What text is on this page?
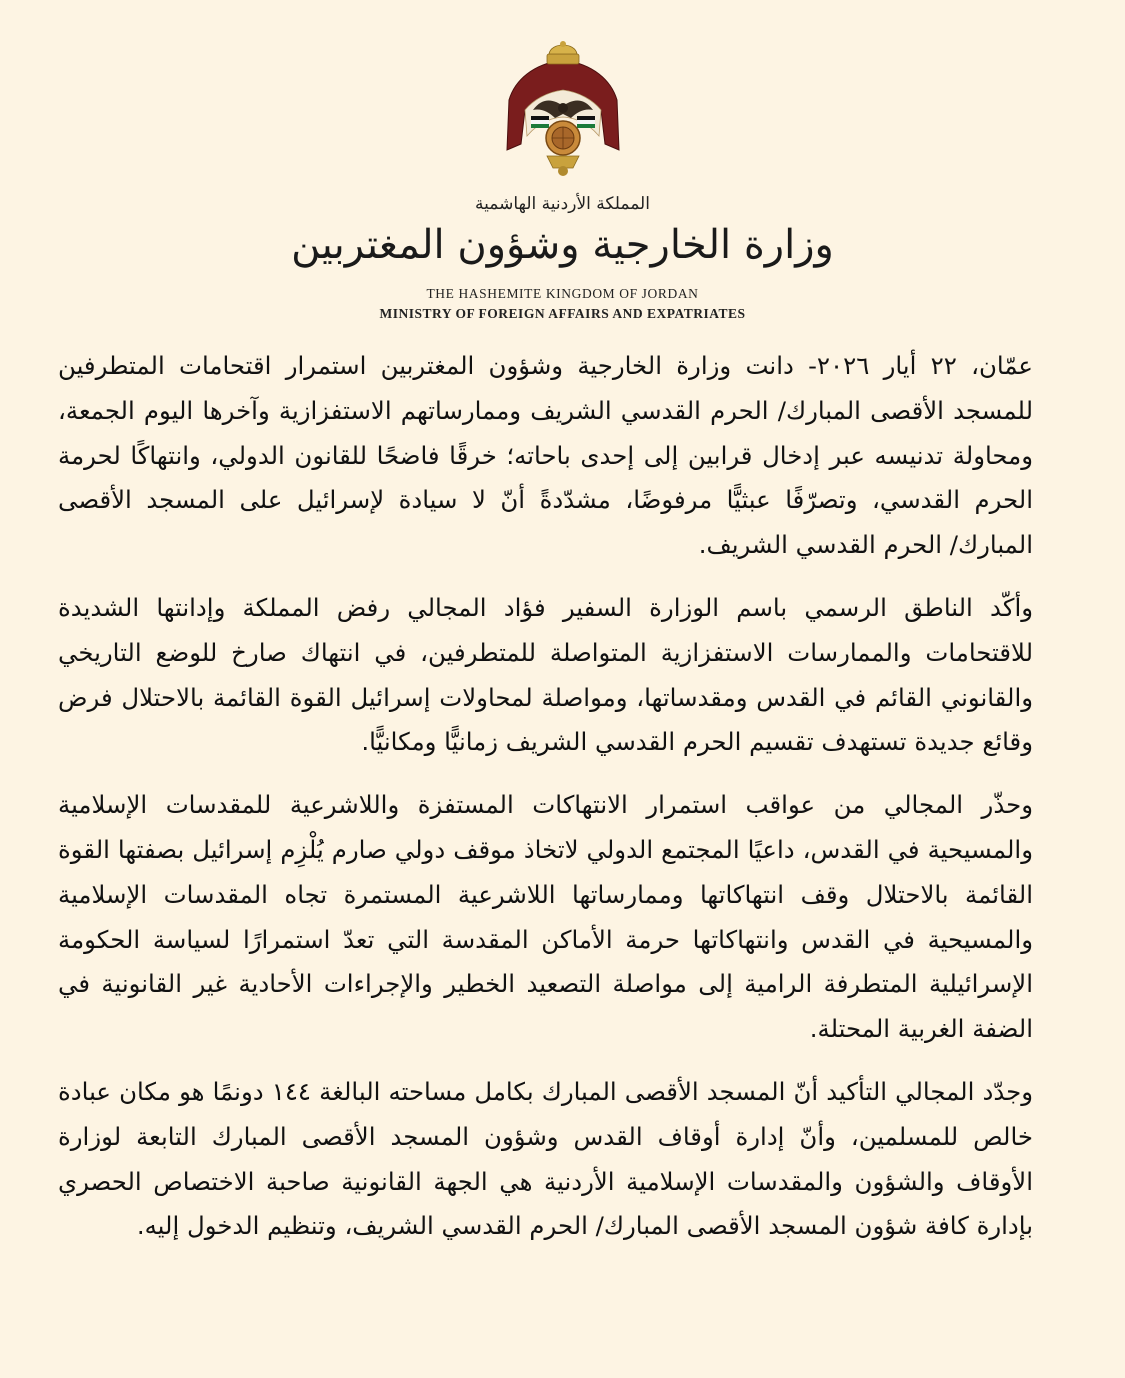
المملكة الأردنية الهاشمية
وزارة الخارجية وشؤون المغتربين
THE HASHEMITE KINGDOM OF JORDAN
MINISTRY OF FOREIGN AFFAIRS AND EXPATRIATES

عمّان، ٢٢ أيار ٢٠٢٦- دانت وزارة الخارجية وشؤون المغتربين استمرار اقتحامات المتطرفين للمسجد الأقصى المبارك/ الحرم القدسي الشريف وممارساتهم الاستفزازية وآخرها اليوم الجمعة، ومحاولة تدنيسه عبر إدخال قرابين إلى إحدى باحاته؛ خرقًا فاضحًا للقانون الدولي، وانتهاكًا لحرمة الحرم القدسي، وتصرّفًا عبثيًّا مرفوضًا، مشدّدةً أنّ لا سيادة لإسرائيل على المسجد الأقصى المبارك/ الحرم القدسي الشريف.

وأكّد الناطق الرسمي باسم الوزارة السفير فؤاد المجالي رفض المملكة وإدانتها الشديدة للاقتحامات والممارسات الاستفزازية المتواصلة للمتطرفين، في انتهاك صارخ للوضع التاريخي والقانوني القائم في القدس ومقدساتها، ومواصلة لمحاولات إسرائيل القوة القائمة بالاحتلال فرض وقائع جديدة تستهدف تقسيم الحرم القدسي الشريف زمانيًّا ومكانيًّا.

وحذّر المجالي من عواقب استمرار الانتهاكات المستفزة واللاشرعية للمقدسات الإسلامية والمسيحية في القدس، داعيًا المجتمع الدولي لاتخاذ موقف دولي صارم يُلْزِم إسرائيل بصفتها القوة القائمة بالاحتلال وقف انتهاكاتها وممارساتها اللاشرعية المستمرة تجاه المقدسات الإسلامية والمسيحية في القدس وانتهاكاتها حرمة الأماكن المقدسة التي تعدّ استمرارًا لسياسة الحكومة الإسرائيلية المتطرفة الرامية إلى مواصلة التصعيد الخطير والإجراءات الأحادية غير القانونية في الضفة الغربية المحتلة.

وجدّد المجالي التأكيد أنّ المسجد الأقصى المبارك بكامل مساحته البالغة ١٤٤ دونمًا هو مكان عبادة خالص للمسلمين، وأنّ إدارة أوقاف القدس وشؤون المسجد الأقصى المبارك التابعة لوزارة الأوقاف والشؤون والمقدسات الإسلامية الأردنية هي الجهة القانونية صاحبة الاختصاص الحصري بإدارة كافة شؤون المسجد الأقصى المبارك/ الحرم القدسي الشريف، وتنظيم الدخول إليه.
